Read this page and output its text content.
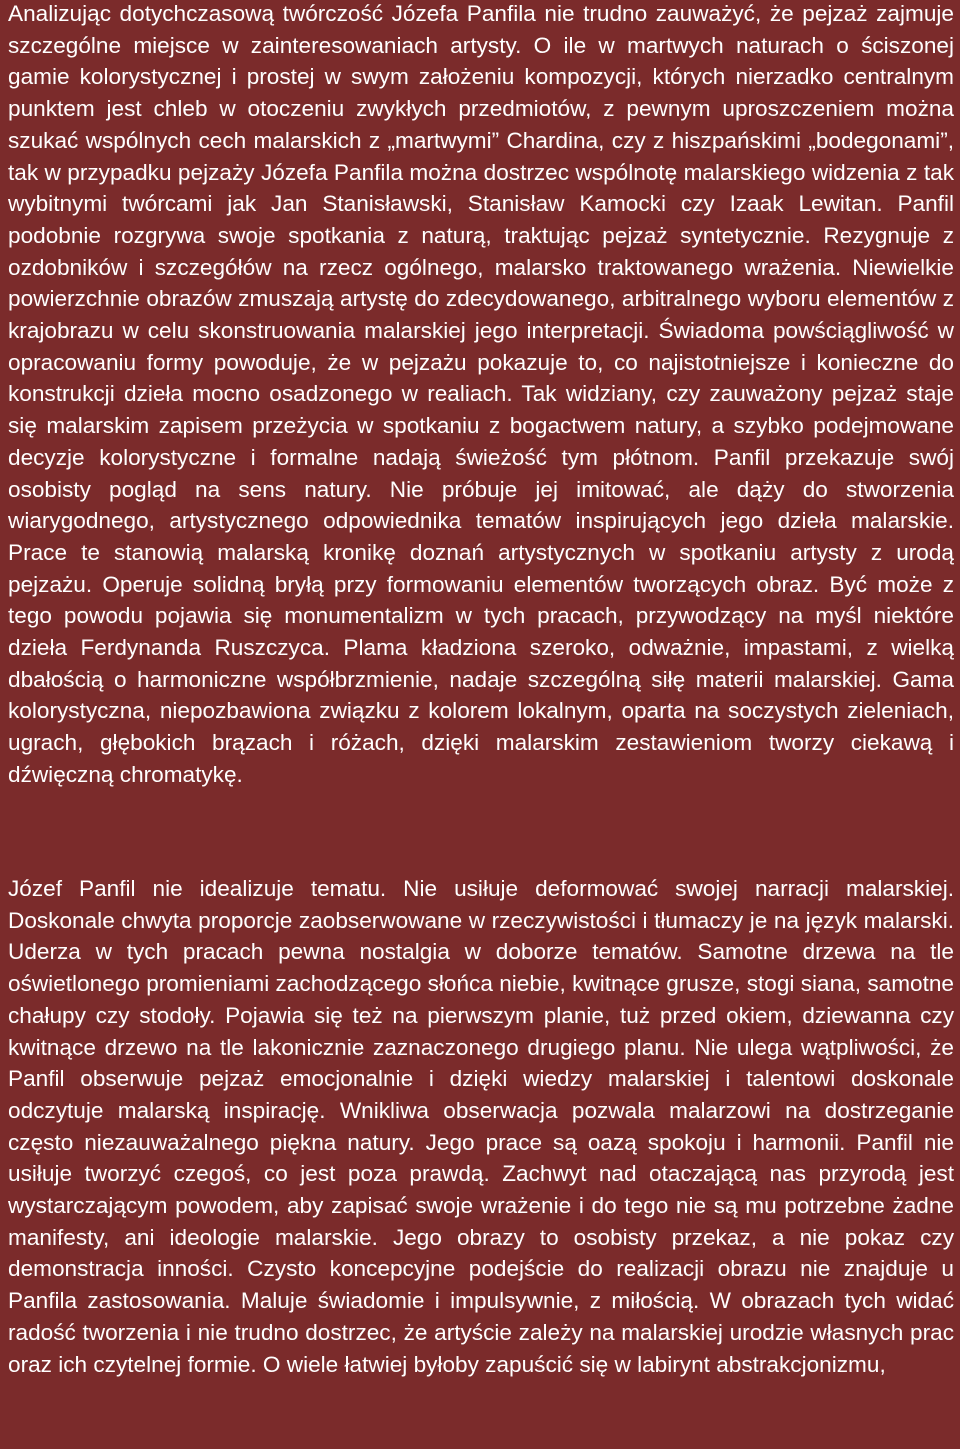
Analizując dotychczasową twórczość Józefa Panfila nie trudno zauważyć, że pejzaż zajmuje szczególne miejsce w zainteresowaniach artysty. O ile w martwych naturach o ściszonej gamie kolorystycznej i prostej w swym założeniu kompozycji, których nierzadko centralnym punktem jest chleb w otoczeniu zwykłych przedmiotów, z pewnym uproszczeniem można szukać wspólnych cech malarskich z „martwymi” Chardina, czy z hiszpańskimi „bodegonami”, tak w przypadku pejzaży Józefa Panfila można dostrzec wspólnotę malarskiego widzenia z tak wybitnymi twórcami jak Jan Stanisławski, Stanisław Kamocki czy Izaak Lewitan. Panfil podobnie rozgrywa swoje spotkania z naturą, traktując pejzaż syntetycznie. Rezygnuje z ozdobników i szczegółów na rzecz ogólnego, malarsko traktowanego wrażenia. Niewielkie powierzchnie obrazów zmuszają artystę do zdecydowanego, arbitralnego wyboru elementów z krajobrazu w celu skonstruowania malarskiej jego interpretacji. Świadoma powściągliwość w opracowaniu formy powoduje, że w pejzażu pokazuje to, co najistotniejsze i konieczne do konstrukcji dzieła mocno osadzonego w realiach. Tak widziany, czy zauważony pejzaż staje się malarskim zapisem przeżycia w spotkaniu z bogactwem natury, a szybko podejmowane decyzje kolorystyczne i formalne nadają świeżość tym płótnom. Panfil przekazuje swój osobisty pogląd na sens natury. Nie próbuje jej imitować, ale dąży do stworzenia wiarygodnego, artystycznego odpowiednika tematów inspirujących jego dzieła malarskie. Prace te stanowią malarską kronikę doznań artystycznych w spotkaniu artysty z urodą pejzażu. Operuje solidną bryłą przy formowaniu elementów tworzących obraz. Być może z tego powodu pojawia się monumentalizm w tych pracach, przywodzący na myśl niektóre dzieła Ferdynanda Ruszczyca. Plama kładziona szeroko, odważnie, impastami, z wielką dbałością o harmoniczne współbrzmienie, nadaje szczególną siłę materii malarskiej. Gama kolorystyczna, niepozbawiona związku z kolorem lokalnym, oparta na soczystych zieleniach, ugrach, głębokich brązach i różach, dzięki malarskim zestawieniom tworzy ciekawą i dźwięczną chromatykę.

Józef Panfil nie idealizuje tematu. Nie usiłuje deformować swojej narracji malarskiej. Doskonale chwyta proporcje zaobserwowane w rzeczywistości i tłumaczy je na język malarski. Uderza w tych pracach pewna nostalgia w doborze tematów. Samotne drzewa na tle oświetlonego promieniami zachodzącego słońca niebie, kwitnące grusze, stogi siana, samotne chałupy czy stodoły. Pojawia się też na pierwszym planie, tuż przed okiem, dziewanna czy kwitnące drzewo na tle lakonicznie zaznaczonego drugiego planu. Nie ulega wątpliwości, że Panfil obserwuje pejzaż emocjonalnie i dzięki wiedzy malarskiej i talentowi doskonale odczytuje malarską inspirację. Wnikliwa obserwacja pozwala malarzowi na dostrzeganie często niezauważalnego piękna natury. Jego prace są oazą spokoju i harmonii. Panfil nie usiłuje tworzyć czegoś, co jest poza prawdą. Zachwyt nad otaczającą nas przyrodą jest wystarczającym powodem, aby zapisać swoje wrażenie i do tego nie są mu potrzebne żadne manifesty, ani ideologie malarskie. Jego obrazy to osobisty przekaz, a nie pokaz czy demonstracja inności. Czysto koncepcyjne podejście do realizacji obrazu nie znajduje u Panfila zastosowania. Maluje świadomie i impulsywnie, z miłością. W obrazach tych widać radość tworzenia i nie trudno dostrzec, że artyście zależy na malarskiej urodzie własnych prac oraz ich czytelnej formie. O wiele łatwiej byłoby zapuścić się w labirynt abstrakcjonizmu,
